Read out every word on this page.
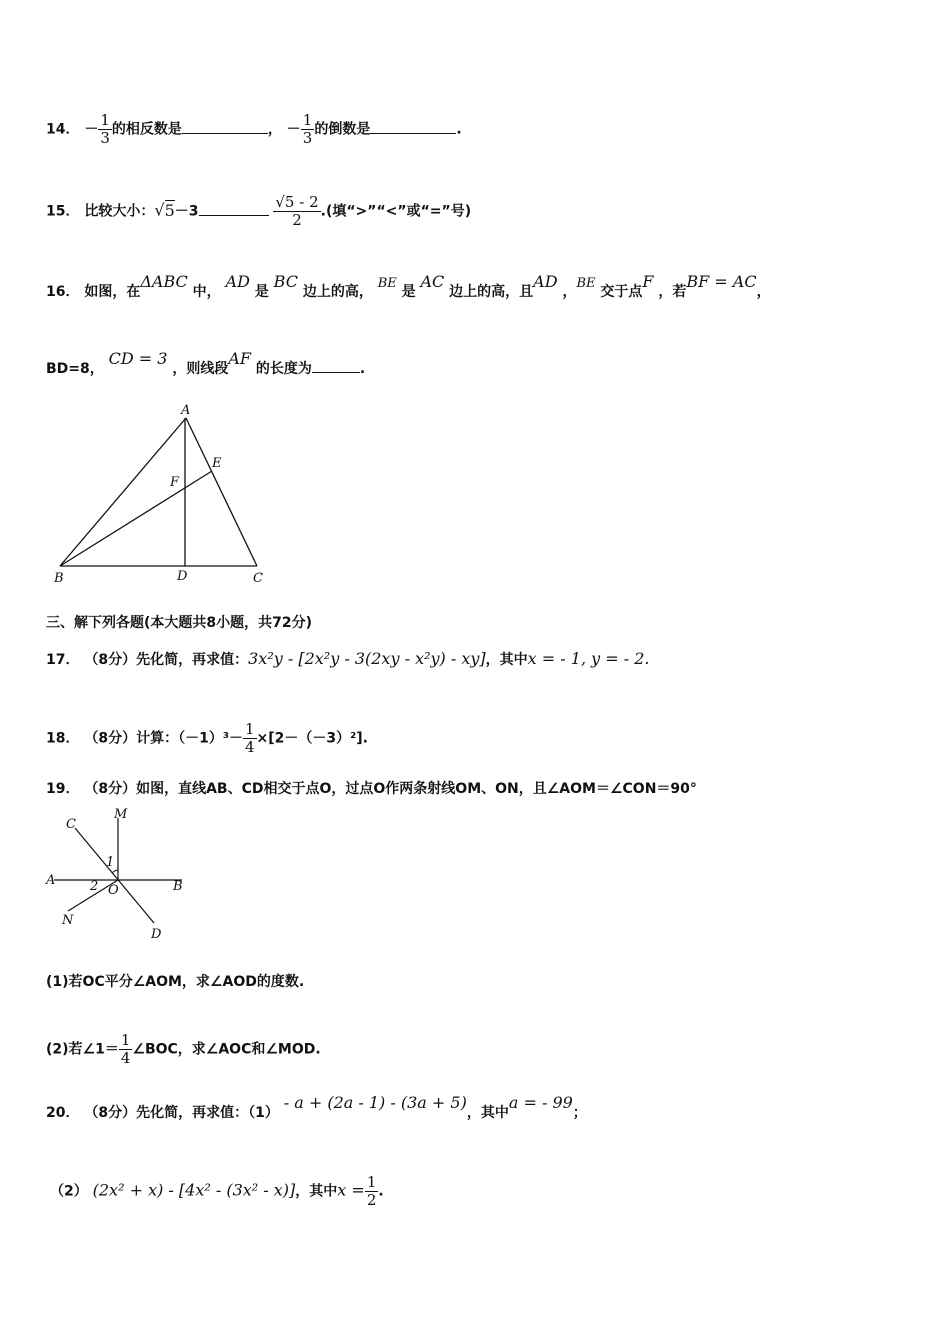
14． － $\frac{1}{3}$ 的相反数是	， － $\frac{1}{3}$ 的倒数是	.
15． 比较大小：√5－3	$\frac{√5 - 2}{2}$ .(填“>”“<”或“=”号)
16． 如图，在ΔABC 中， AD 是 BC 边上的高， BE 是 AC 边上的高，且AD ，BE 交于点F ，若BF = AC，
BD=8， CD = 3 ，则线段AF 的长度为	.
A
B	C
D
E
F
三、解下列各题(本大题共8小题，共72分)
17． （8分）先化简，再求值：3x²y - [2x²y - 3(2xy - x²y) - xy]，其中x = - 1, y = - 2.
18． （8分）计算：$(-1)^3- \frac{1}{4} \times[2-(-3)^2]$.
19． （8分）如图，直线AB、CD相交于点O，过点O作两条射线OM、ON，且∠AOM＝∠CON＝90°
C
M
A	B
O
N
D
1
2
(1)若OC平分∠AOM，求∠AOD的度数.
(2)若∠1＝ $\frac{1}{4}$ ∠BOC，求∠AOC和∠MOD.
20． （8分）先化简，再求值：（1） - a + (2a - 1) - (3a + 5)，其中a = - 99；
（2） (2x² + x) - [4x² - (3x² - x)]，其中$x = \frac{1}{2}$ .
